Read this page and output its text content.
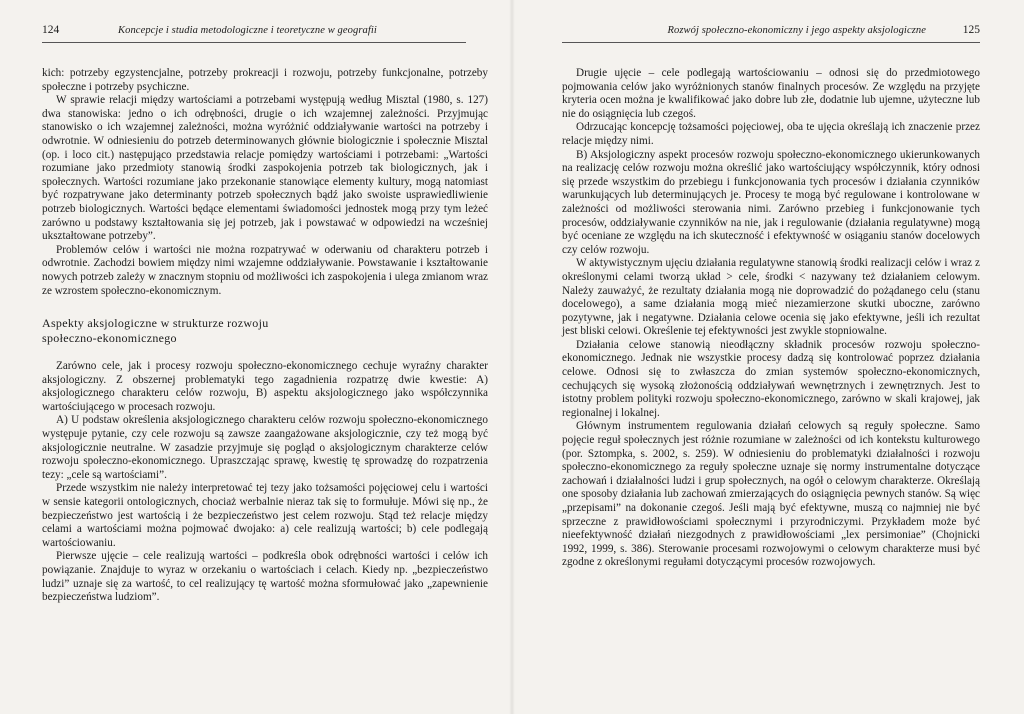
124	Koncepcje i studia metodologiczne i teoretyczne w geografii

kich: potrzeby egzystencjalne, potrzeby prokreacji i rozwoju, potrzeby funkcjonalne, potrzeby społeczne i potrzeby psychiczne.

W sprawie relacji między wartościami a potrzebami występują według Misztal (1980, s. 127) dwa stanowiska: jedno o ich odrębności, drugie o ich wzajemnej zależności. Przyjmując stanowisko o ich wzajemnej zależności, można wyróżnić oddziaływanie wartości na potrzeby i odwrotnie. W odniesieniu do potrzeb determinowanych głównie biologicznie i społecznie Misztal (op. i loco cit.) następująco przedstawia relacje pomiędzy wartościami i potrzebami: „Wartości rozumiane jako przedmioty stanowią środki zaspokojenia potrzeb tak biologicznych, jak i społecznych. Wartości rozumiane jako przekonanie stanowiące elementy kultury, mogą natomiast być rozpatrywane jako determinanty potrzeb społecznych bądź jako swoiste usprawiedliwienie potrzeb biologicznych. Wartości będące elementami świadomości jednostek mogą przy tym leżeć zarówno u podstawy kształtowania się jej potrzeb, jak i powstawać w odpowiedzi na wcześniej ukształtowane potrzeby”.

Problemów celów i wartości nie można rozpatrywać w oderwaniu od charakteru potrzeb i odwrotnie. Zachodzi bowiem między nimi wzajemne oddziaływanie. Powstawanie i kształtowanie nowych potrzeb zależy w znacznym stopniu od możliwości ich zaspokojenia i ulega zmianom wraz ze wzrostem społeczno-ekonomicznym.

Aspekty aksjologiczne w strukturze rozwoju
społeczno-ekonomicznego

Zarówno cele, jak i procesy rozwoju społeczno-ekonomicznego cechuje wyraźny charakter aksjologiczny. Z obszernej problematyki tego zagadnienia rozpatrzę dwie kwestie: A) aksjologicznego charakteru celów rozwoju, B) aspektu aksjologicznego jako współczynnika wartościującego w procesach rozwoju.

A) U podstaw określenia aksjologicznego charakteru celów rozwoju społeczno-ekonomicznego występuje pytanie, czy cele rozwoju są zawsze zaangażowane aksjologicznie, czy też mogą być aksjologicznie neutralne. W zasadzie przyjmuje się pogląd o aksjologicznym charakterze celów rozwoju społeczno-ekonomicznego. Upraszczając sprawę, kwestię tę sprowadzę do rozpatrzenia tezy: „cele są wartościami”.

Przede wszystkim nie należy interpretować tej tezy jako tożsamości pojęciowej celu i wartości w sensie kategorii ontologicznych, chociaż werbalnie nieraz tak się to formułuje. Mówi się np., że bezpieczeństwo jest wartością i że bezpieczeństwo jest celem rozwoju. Stąd też relacje między celami a wartościami można pojmować dwojako: a) cele realizują wartości; b) cele podlegają wartościowaniu.

Pierwsze ujęcie – cele realizują wartości – podkreśla obok odrębności wartości i celów ich powiązanie. Znajduje to wyraz w orzekaniu o wartościach i celach. Kiedy np. „bezpieczeństwo ludzi” uznaje się za wartość, to cel realizujący tę wartość można sformułować jako „zapewnienie bezpieczeństwa ludziom”.

Rozwój społeczno-ekonomiczny i jego aspekty aksjologiczne	125

Drugie ujęcie – cele podlegają wartościowaniu – odnosi się do przedmiotowego pojmowania celów jako wyróżnionych stanów finalnych procesów. Ze względu na przyjęte kryteria ocen można je kwalifikować jako dobre lub złe, dodatnie lub ujemne, użyteczne lub nie do osiągnięcia lub czegoś.

Odrzucając koncepcję tożsamości pojęciowej, oba te ujęcia określają ich znaczenie przez relacje między nimi.

B) Aksjologiczny aspekt procesów rozwoju społeczno-ekonomicznego ukierunkowanych na realizację celów rozwoju można określić jako wartościujący współczynnik, który odnosi się przede wszystkim do przebiegu i funkcjonowania tych procesów i działania czynników warunkujących lub determinujących je. Procesy te mogą być regulowane i kontrolowane w zależności od możliwości sterowania nimi. Zarówno przebieg i funkcjonowanie tych procesów, oddziaływanie czynników na nie, jak i regulowanie (działania regulatywne) mogą być oceniane ze względu na ich skuteczność i efektywność w osiąganiu stanów docelowych czy celów rozwoju.

W aktywistycznym ujęciu działania regulatywne stanowią środki realizacji celów i wraz z określonymi celami tworzą układ > cele, środki < nazywany też działaniem celowym. Należy zauważyć, że rezultaty działania mogą nie doprowadzić do pożądanego celu (stanu docelowego), a same działania mogą mieć niezamierzone skutki uboczne, zarówno pozytywne, jak i negatywne. Działania celowe ocenia się jako efektywne, jeśli ich rezultat jest bliski celowi. Określenie tej efektywności jest zwykle stopniowalne.

Działania celowe stanowią nieodłączny składnik procesów rozwoju społeczno-ekonomicznego. Jednak nie wszystkie procesy dadzą się kontrolować poprzez działania celowe. Odnosi się to zwłaszcza do zmian systemów społeczno-ekonomicznych, cechujących się wysoką złożonością oddziaływań wewnętrznych i zewnętrznych. Jest to istotny problem polityki rozwoju społeczno-ekonomicznego, zarówno w skali krajowej, jak regionalnej i lokalnej.

Głównym instrumentem regulowania działań celowych są reguły społeczne. Samo pojęcie reguł społecznych jest różnie rozumiane w zależności od ich kontekstu kulturowego (por. Sztompka, s. 2002, s. 259). W odniesieniu do problematyki działalności i rozwoju społeczno-ekonomicznego za reguły społeczne uznaje się normy instrumentalne dotyczące zachowań i działalności ludzi i grup społecznych, na ogół o celowym charakterze. Określają one sposoby działania lub zachowań zmierzających do osiągnięcia pewnych stanów. Są więc „przepisami” na dokonanie czegoś. Jeśli mają być efektywne, muszą co najmniej nie być sprzeczne z prawidłowościami społecznymi i przyrodniczymi. Przykładem może być nieefektywność działań niezgodnych z prawidłowościami „lex persimoniae” (Chojnicki 1992, 1999, s. 386). Sterowanie procesami rozwojowymi o celowym charakterze musi być zgodne z określonymi regułami dotyczącymi procesów rozwojowych.
